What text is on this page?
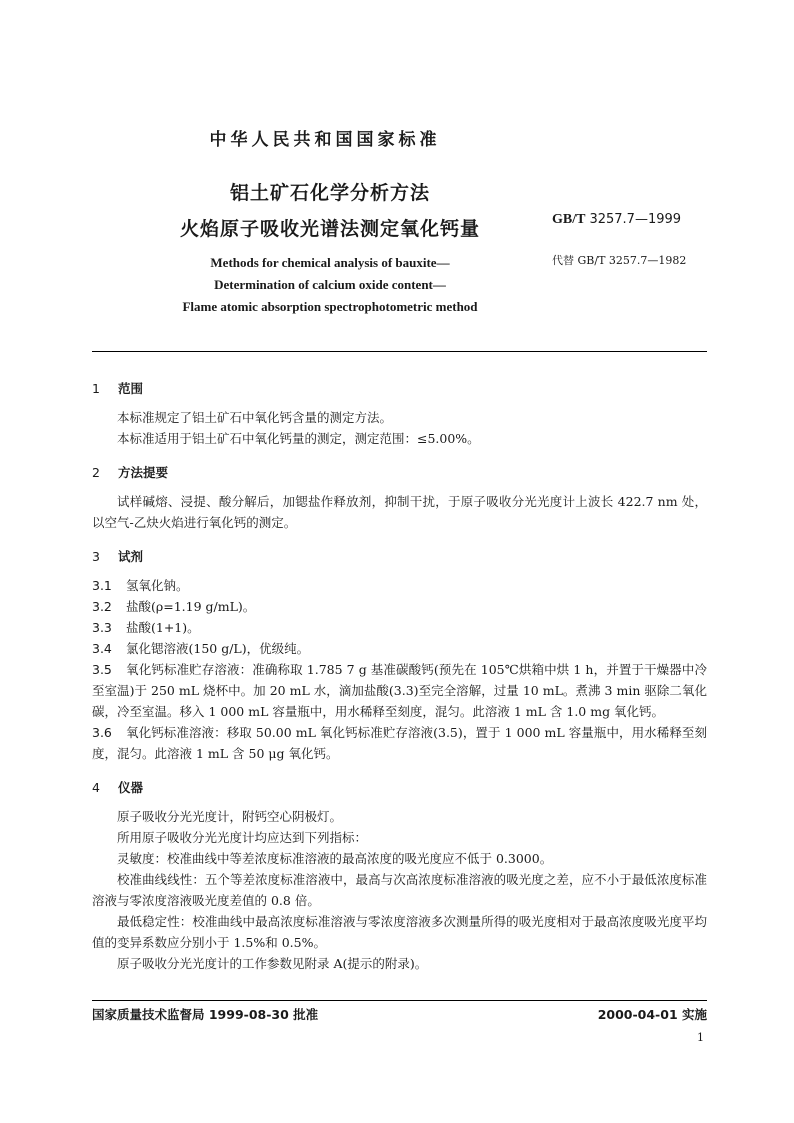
中华人民共和国国家标准
铝土矿石化学分析方法
火焰原子吸收光谱法测定氧化钙量	GB/T 3257.7—1999
代替 GB/T 3257.7—1982
Methods for chemical analysis of bauxite—
Determination of calcium oxide content—
Flame atomic absorption spectrophotometric method
1 范围
本标准规定了铝土矿石中氧化钙含量的测定方法。
本标准适用于铝土矿石中氧化钙量的测定，测定范围：≤5.00%。
2 方法提要
试样碱熔、浸提、酸分解后，加锶盐作释放剂，抑制干扰，于原子吸收分光光度计上波长 422.7 nm 处，以空气-乙炔火焰进行氧化钙的测定。
3 试剂
3.1 氢氧化钠。
3.2 盐酸(ρ=1.19 g/mL)。
3.3 盐酸(1+1)。
3.4 氯化锶溶液(150 g/L)，优级纯。
3.5 氧化钙标准贮存溶液：准确称取 1.785 7 g 基准碳酸钙(预先在 105℃烘箱中烘 1 h，并置于干燥器中冷至室温)于 250 mL 烧杯中。加 20 mL 水，滴加盐酸(3.3)至完全溶解，过量 10 mL。煮沸 3 min 驱除二氧化碳，冷至室温。移入 1 000 mL 容量瓶中，用水稀释至刻度，混匀。此溶液 1 mL 含 1.0 mg 氧化钙。
3.6 氧化钙标准溶液：移取 50.00 mL 氧化钙标准贮存溶液(3.5)，置于 1 000 mL 容量瓶中，用水稀释至刻度，混匀。此溶液 1 mL 含 50 μg 氧化钙。
4 仪器
原子吸收分光光度计，附钙空心阴极灯。
所用原子吸收分光光度计均应达到下列指标：
灵敏度：校准曲线中等差浓度标准溶液的最高浓度的吸光度应不低于 0.3000。
校准曲线线性：五个等差浓度标准溶液中，最高与次高浓度标准溶液的吸光度之差，应不小于最低浓度标准溶液与零浓度溶液吸光度差值的 0.8 倍。
最低稳定性：校准曲线中最高浓度标准溶液与零浓度溶液多次测量所得的吸光度相对于最高浓度吸光度平均值的变异系数应分别小于 1.5%和 0.5%。
原子吸收分光光度计的工作参数见附录 A(提示的附录)。
国家质量技术监督局 1999-08-30 批准	2000-04-01 实施
1
